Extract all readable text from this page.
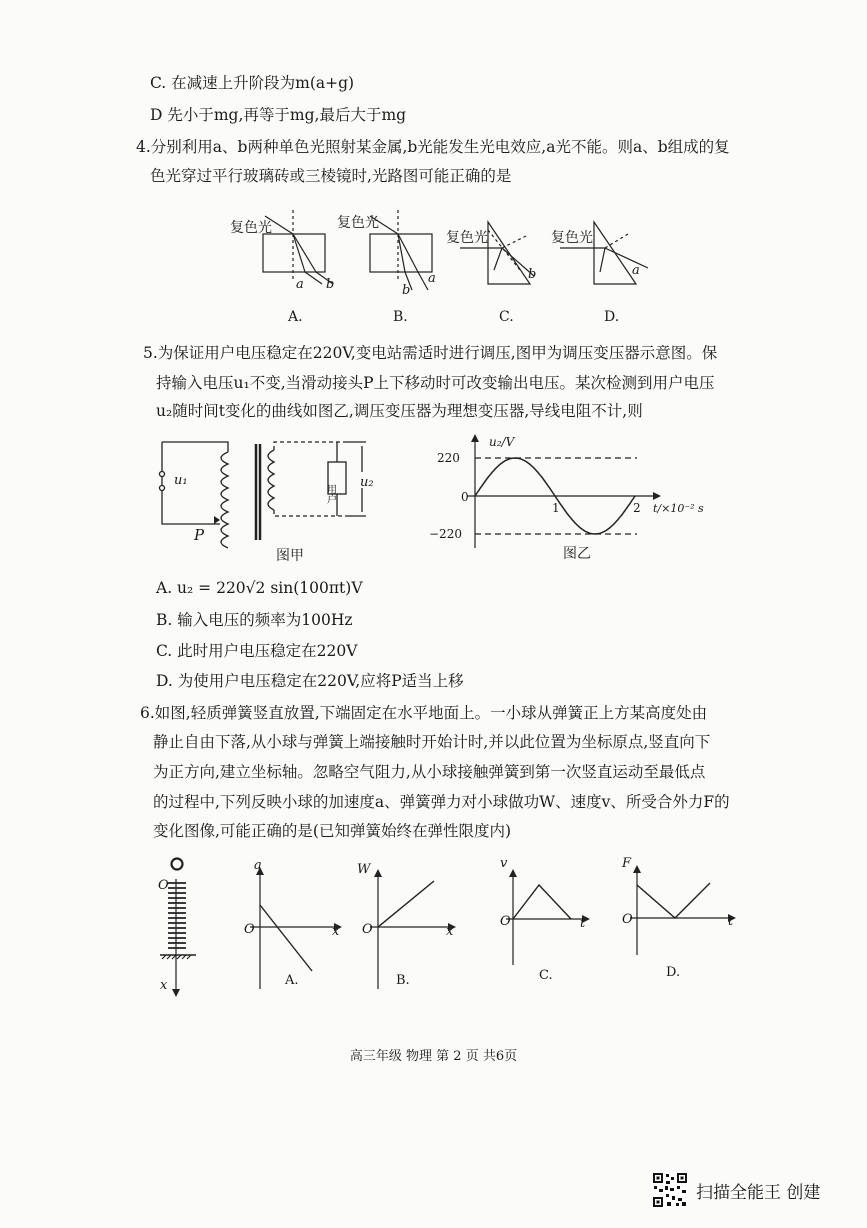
C. 在减速上升阶段为m(a+g)
D 先小于mg,再等于mg,最后大于mg
4.分别利用a、b两种单色光照射某金属,b光能发生光电效应,a光不能。则a、b组成的复
色光穿过平行玻璃砖或三棱镜时,光路图可能正确的是
复色光	复色光
复色光	复色光
a b	b
a	b	a
A.	B.	C.	D.
5.为保证用户电压稳定在220V,变电站需适时进行调压,图甲为调压变压器示意图。保
持输入电压u₁不变,当滑动接头P上下移动时可改变输出电压。某次检测到用户电压
u₂随时间t变化的曲线如图乙,调压变压器为理想变压器,导线电阻不计,则
u₁
用户
u₂
P
图甲
u₂/V
t/×10⁻² s
220
0
−220
1	2
图乙
A. u₂ = 220√2 sin(100πt)V
B. 输入电压的频率为100Hz
C. 此时用户电压稳定在220V
D. 为使用户电压稳定在220V,应将P适当上移
6.如图,轻质弹簧竖直放置,下端固定在水平地面上。一小球从弹簧正上方某高度处由
静止自由下落,从小球与弹簧上端接触时开始计时,并以此位置为坐标原点,竖直向下
为正方向,建立坐标轴。忽略空气阻力,从小球接触弹簧到第一次竖直运动至最低点
的过程中,下列反映小球的加速度a、弹簧弹力对小球做功W、速度v、所受合外力F的
变化图像,可能正确的是(已知弹簧始终在弹性限度内)
O
x
a
O	x
A.
W
O	x
B.
v
O	t
C.
F
O	t
D.
高三年级 物理 第 2 页 共6页
扫描全能王 创建
